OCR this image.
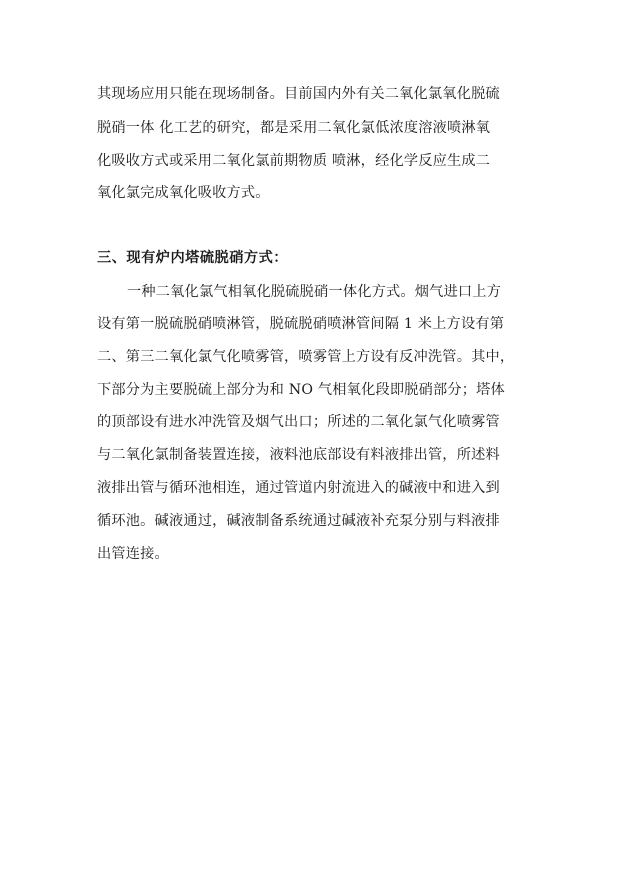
其现场应用只能在现场制备。目前国内外有关二氧化氯氧化脱硫
脱硝一体 化工艺的研究，都是采用二氧化氯低浓度溶液喷淋氧
化吸收方式或采用二氧化氯前期物质 喷淋，经化学反应生成二
氧化氯完成氧化吸收方式。
三、现有炉内塔硫脱硝方式：
一种二氧化氯气相氧化脱硫脱硝一体化方式。烟气进口上方
设有第一脱硫脱硝喷淋管，脱硫脱硝喷淋管间隔 1 米上方设有第
二、第三二氧化氯气化喷雾管，喷雾管上方设有反冲洗管。其中，
下部分为主要脱硫上部分为和 NO 气相氧化段即脱硝部分；塔体
的顶部设有进水冲洗管及烟气出口；所述的二氧化氯气化喷雾管
与二氧化氯制备装置连接，液料池底部设有料液排出管，所述料
液排出管与循环池相连，通过管道内射流进入的碱液中和进入到
循环池。碱液通过，碱液制备系统通过碱液补充泵分别与料液排
出管连接。
